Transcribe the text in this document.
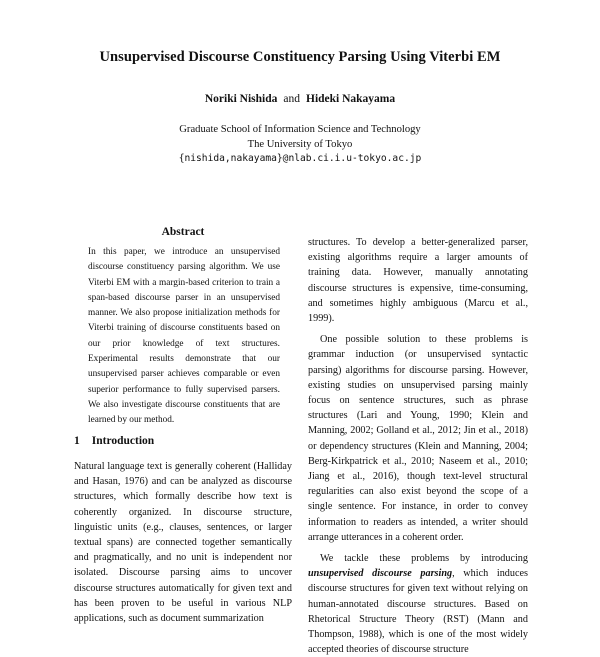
Unsupervised Discourse Constituency Parsing Using Viterbi EM
Noriki Nishida and Hideki Nakayama
Graduate School of Information Science and Technology
The University of Tokyo
{nishida,nakayama}@nlab.ci.i.u-tokyo.ac.jp
Abstract
In this paper, we introduce an unsupervised discourse constituency parsing algorithm. We use Viterbi EM with a margin-based criterion to train a span-based discourse parser in an unsupervised manner. We also propose initialization methods for Viterbi training of discourse constituents based on our prior knowledge of text structures. Experimental results demonstrate that our unsupervised parser achieves comparable or even superior performance to fully supervised parsers. We also investigate discourse constituents that are learned by our method.
1 Introduction
Natural language text is generally coherent (Halliday and Hasan, 1976) and can be analyzed as discourse structures, which formally describe how text is coherently organized. In discourse structure, linguistic units (e.g., clauses, sentences, or larger textual spans) are connected together semantically and pragmatically, and no unit is independent nor isolated. Discourse parsing aims to uncover discourse structures automatically for given text and has been proven to be useful in various NLP applications, such as document summarization

structures. To develop a better-generalized parser, existing algorithms require a larger amounts of training data. However, manually annotating discourse structures is expensive, time-consuming, and sometimes highly ambiguous (Marcu et al., 1999).

One possible solution to these problems is grammar induction (or unsupervised syntactic parsing) algorithms for discourse parsing. However, existing studies on unsupervised parsing mainly focus on sentence structures, such as phrase structures (Lari and Young, 1990; Klein and Manning, 2002; Golland et al., 2012; Jin et al., 2018) or dependency structures (Klein and Manning, 2004; Berg-Kirkpatrick et al., 2010; Naseem et al., 2010; Jiang et al., 2016), though text-level structural regularities can also exist beyond the scope of a single sentence. For instance, in order to convey information to readers as intended, a writer should arrange utterances in a coherent order.

We tackle these problems by introducing unsupervised discourse parsing, which induces discourse structures for given text without relying on human-annotated discourse structures. Based on Rhetorical Structure Theory (RST) (Mann and Thompson, 1988), which is one of the most widely accepted theories of discourse structure
